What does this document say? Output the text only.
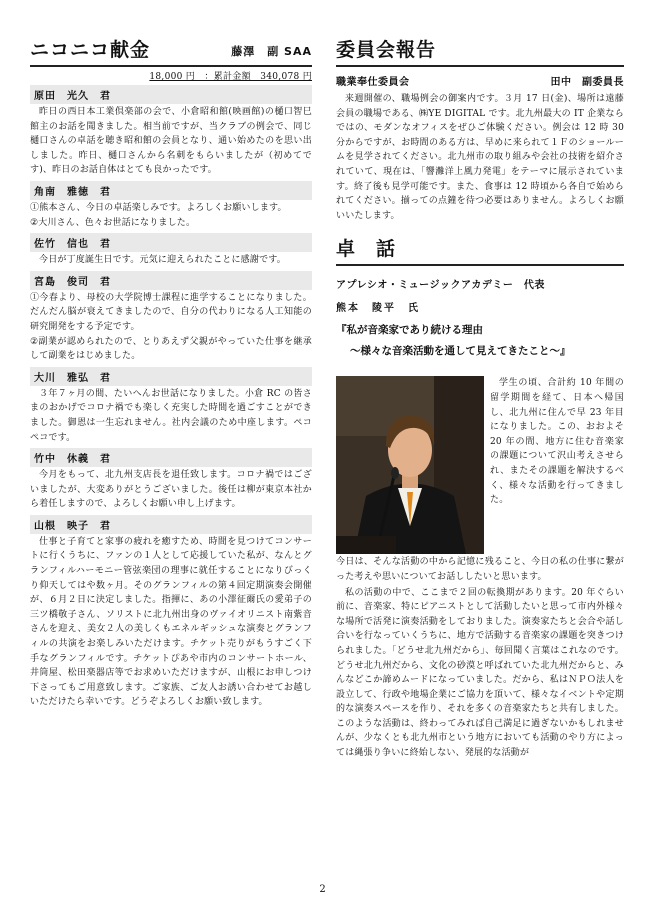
ニコニコ献金	藤澤　副 SAA
18,000 円　：累計金額　340,078 円
原田　光久　君
昨日の西日本工業倶楽部の会で、小倉昭和館(映画館)の樋口智巳館主のお話を聞きました。相当前ですが、当クラブの例会で、同じ樋口さんの卓話を聴き昭和館の会員となり、通い始めたのを思い出しました。昨日、樋口さんから名刺をもらいましたが（初めてです)、昨日のお話自体はとても良かったです。
角南　雅徳　君
①熊本さん、今日の卓話楽しみです。よろしくお願いします。
②大川さん、色々お世話になりました。
佐竹　信也　君
今日が丁度誕生日です。元気に迎えられたことに感謝です。
宮島　俊司　君
①今春より、母校の大学院博士課程に進学することになりました。だんだん脳が衰えてきましたので、自分の代わりになる人工知能の研究開発をする予定です。
②副業が認められたので、とりあえず父親がやっていた仕事を継承して副業をはじめました。
大川　雅弘　君
３年７ヶ月の間、たいへんお世話になりました。小倉 RC の皆さまのおかげでコロナ禍でも楽しく充実した時間を過ごすことができました。御恩は一生忘れません。社内会議のため中座します。ペコペコです。
竹中　休義　君
今月をもって、北九州支店長を退任致します。コロナ禍ではございましたが、大変ありがとうございました。後任は柳が東京本社から着任しますので、よろしくお願い申し上げます。
山根　映子　君
仕事と子育てと家事の疲れを癒すため、時間を見つけてコンサートに行くうちに、ファンの１人として応援していた私が、なんとグランフィルハーモニー管弦楽団の理事に就任することになりびっくり仰天してはや数ヶ月。そのグランフィルの第４回定期演奏会開催が、６月２日に決定しました。指揮に、あの小澤征爾氏の愛弟子の三ツ橋敬子さん、ソリストに北九州出身のヴァイオリニスト南紫音さんを迎え、美女２人の美しくもエネルギッシュな演奏とグランフィルの共演をお楽しみいただけます。チケット売りがもうすごく下手なグランフィルです。チケットぴあや市内のコンサートホール、井筒屋、松田楽器店等でお求めいただけますが、山根にお申しつけ下さってもご用意致します。ご家族、ご友人お誘い合わせてお越しいただけたら幸いです。どうぞよろしくお願い致します。
委員会報告
職業奉仕委員会	田中　副委員長
来週開催の、職場例会の御案内です。３月 17 日(金)、場所は遠藤会員の職場である、㈱YE DIGITAL です。北九州最大の IT 企業ならではの、モダンなオフィスをぜひご体験ください。例会は 12 時 30 分からですが、お時間のある方は、早めに来られて１Ｆのショールームを見学されてください。北九州市の取り組みや会社の技術を紹介されていて、現在は、「響灘洋上風力発電」をテーマに展示されています。終了後も見学可能です。また、食事は 12 時頃から各自で始められてください。揃っての点鐘を待つ必要はありません。よろしくお願いいたします。
卓　話
アプレシオ・ミュージックアカデミー　代表
熊本　陵平　氏
『私が音楽家であり続ける理由
～様々な音楽活動を通して見えてきたこと～』
学生の頃、合計約 10 年間の留学期間を経て、日本へ帰国し、北九州に住んで早 23 年目になりました。この、おおよそ 20 年の間、地方に住む音楽家の課題について沢山考えさせられ、またその課題を解決するべく、様々な活動を行ってきました。
今日は、そんな活動の中から記憶に残ること、今日の私の仕事に繋がった考えや思いについてお話ししたいと思います。
私の活動の中で、ここまで２回の転換期があります。20 年ぐらい前に、音楽家、特にピアニストとして活動したいと思って市内外様々な場所で活発に演奏活動をしておりました。演奏家たちと会合や話し合いを行なっていくうちに、地方で活動する音楽家の課題を突きつけられました。「どうせ北九州だから」、毎回聞く言葉はこれなのです。どうせ北九州だから、文化の砂漠と呼ばれていた北九州だからと、みんなどこか諦めムードになっていました。だから、私はＮＰＯ法人を設立して、行政や地場企業にご協力を頂いて、様々なイベントや定期的な演奏スペースを作り、それを多くの音楽家たちと共有しました。このような活動は、終わってみれば自己満足に過ぎないかもしれませんが、少なくとも北九州市という地方においても活動のやり方によっては縄張り争いに終始しない、発展的な活動が
2
